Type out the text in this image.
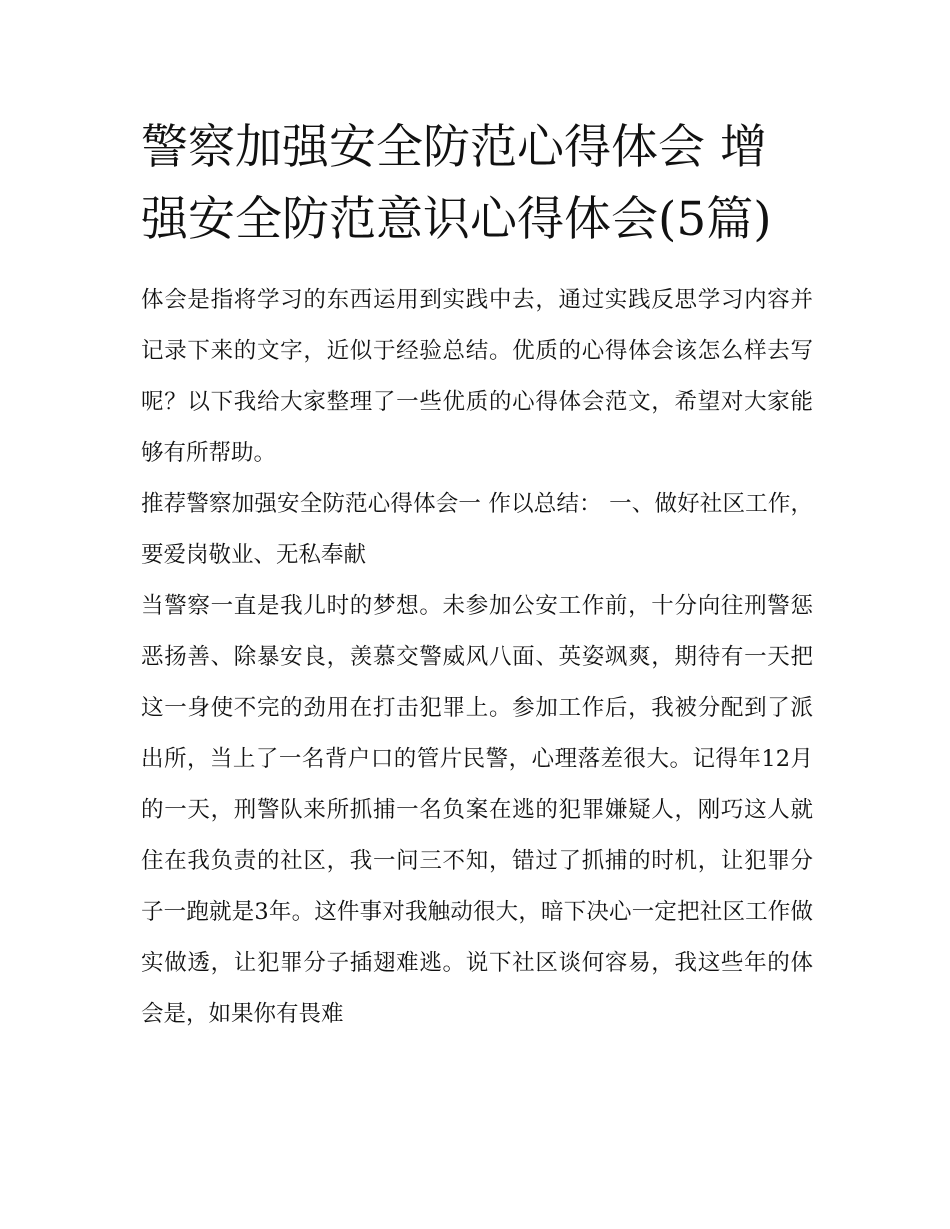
警察加强安全防范心得体会 增强安全防范意识心得体会(5篇)

体会是指将学习的东西运用到实践中去，通过实践反思学习内容并记录下来的文字，近似于经验总结。优质的心得体会该怎么样去写呢？以下我给大家整理了一些优质的心得体会范文，希望对大家能够有所帮助。

推荐警察加强安全防范心得体会一 作以总结： 一、做好社区工作，要爱岗敬业、无私奉献

当警察一直是我儿时的梦想。未参加公安工作前，十分向往刑警惩恶扬善、除暴安良，羡慕交警威风八面、英姿飒爽，期待有一天把这一身使不完的劲用在打击犯罪上。参加工作后，我被分配到了派出所，当上了一名背户口的管片民警，心理落差很大。记得年12月的一天，刑警队来所抓捕一名负案在逃的犯罪嫌疑人，刚巧这人就住在我负责的社区，我一问三不知，错过了抓捕的时机，让犯罪分子一跑就是3年。这件事对我触动很大，暗下决心一定把社区工作做实做透，让犯罪分子插翅难逃。说下社区谈何容易，我这些年的体会是，如果你有畏难
